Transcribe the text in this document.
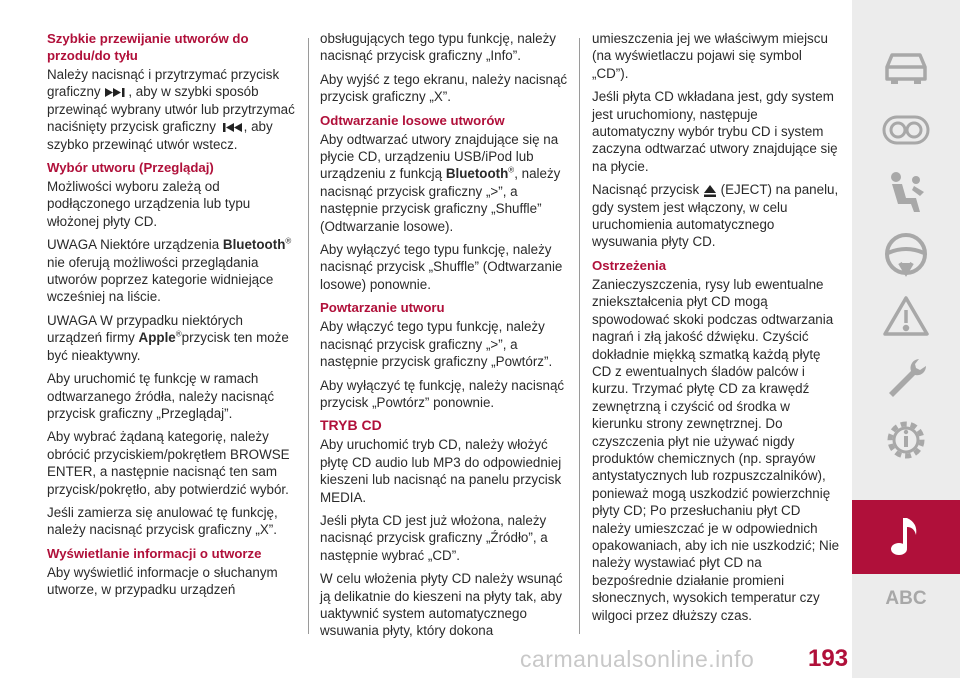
Szybkie przewijanie utworów do przodu/do tyłu

Należy nacisnąć i przytrzymać przycisk graficzny , aby w szybki sposób przewinąć wybrany utwór lub przytrzymać naciśnięty przycisk graficzny , aby szybko przewinąć utwór wstecz.

Wybór utworu (Przeglądaj)

Możliwości wyboru zależą od podłączonego urządzenia lub typu włożonej płyty CD.

UWAGA Niektóre urządzenia Bluetooth® nie oferują możliwości przeglądania utworów poprzez kategorie widniejące wcześniej na liście.

UWAGA W przypadku niektórych urządzeń firmy Apple®przycisk ten może być nieaktywny.

Aby uruchomić tę funkcję w ramach odtwarzanego źródła, należy nacisnąć przycisk graficzny „Przeglądaj”.

Aby wybrać żądaną kategorię, należy obrócić przyciskiem/pokrętłem BROWSE ENTER, a następnie nacisnąć ten sam przycisk/pokrętło, aby potwierdzić wybór.

Jeśli zamierza się anulować tę funkcję, należy nacisnąć przycisk graficzny „X”.

Wyświetlanie informacji o utworze

Aby wyświetlić informacje o słuchanym utworze, w przypadku urządzeń

obsługujących tego typu funkcję, należy nacisnąć przycisk graficzny „Info”.

Aby wyjść z tego ekranu, należy nacisnąć przycisk graficzny „X”.

Odtwarzanie losowe utworów

Aby odtwarzać utwory znajdujące się na płycie CD, urządzeniu USB/iPod lub urządzeniu z funkcją Bluetooth®, należy nacisnąć przycisk graficzny „>”, a następnie przycisk graficzny „Shuffle” (Odtwarzanie losowe).

Aby wyłączyć tego typu funkcję, należy nacisnąć przycisk „Shuffle” (Odtwarzanie losowe) ponownie.

Powtarzanie utworu

Aby włączyć tego typu funkcję, należy nacisnąć przycisk graficzny „>”, a następnie przycisk graficzny „Powtórz”.

Aby wyłączyć tę funkcję, należy nacisnąć przycisk „Powtórz” ponownie.

TRYB CD

Aby uruchomić tryb CD, należy włożyć płytę CD audio lub MP3 do odpowiedniej kieszeni lub nacisnąć na panelu przycisk MEDIA.

Jeśli płyta CD jest już włożona, należy nacisnąć przycisk graficzny „Źródło”, a następnie wybrać „CD”.

W celu włożenia płyty CD należy wsunąć ją delikatnie do kieszeni na płyty tak, aby uaktywnić system automatycznego wsuwania płyty, który dokona

umieszczenia jej we właściwym miejscu (na wyświetlaczu pojawi się symbol „CD”).

Jeśli płyta CD wkładana jest, gdy system jest uruchomiony, następuje automatyczny wybór trybu CD i system zaczyna odtwarzać utwory znajdujące się na płycie.

Nacisnąć przycisk (EJECT) na panelu, gdy system jest włączony, w celu uruchomienia automatycznego wysuwania płyty CD.

Ostrzeżenia

Zanieczyszczenia, rysy lub ewentualne zniekształcenia płyt CD mogą spowodować skoki podczas odtwarzania nagrań i złą jakość dźwięku. Czyścić dokładnie miękką szmatką każdą płytę CD z ewentualnych śladów palców i kurzu. Trzymać płytę CD za krawędź zewnętrzną i czyścić od środka w kierunku strony zewnętrznej. Do czyszczenia płyt nie używać nigdy produktów chemicznych (np. sprayów antystatycznych lub rozpuszczalników), ponieważ mogą uszkodzić powierzchnię płyty CD; Po przesłuchaniu płyt CD należy umieszczać je w odpowiednich opakowaniach, aby ich nie uszkodzić; Nie należy wystawiać płyt CD na bezpośrednie działanie promieni słonecznych, wysokich temperatur czy wilgoci przez dłuższy czas.

ABC
carmanualsonline.info 193
